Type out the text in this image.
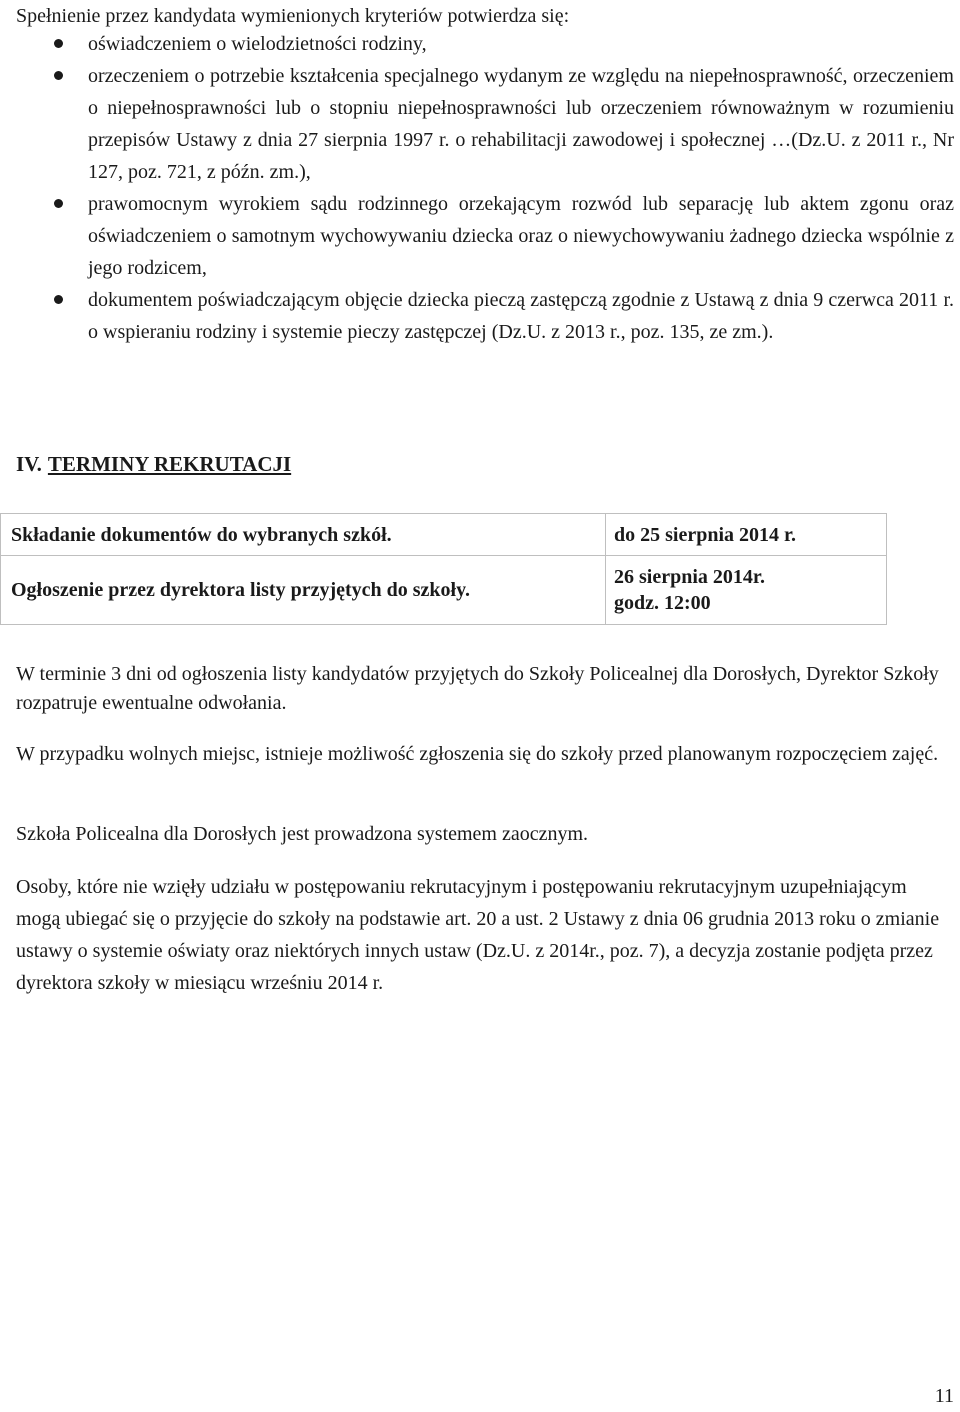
Spełnienie przez kandydata wymienionych kryteriów potwierdza się:

oświadczeniem o wielodzietności rodziny,
orzeczeniem o potrzebie kształcenia specjalnego wydanym ze względu na niepełnosprawność, orzeczeniem o niepełnosprawności lub o stopniu niepełnosprawności lub orzeczeniem równoważnym w rozumieniu przepisów Ustawy z dnia 27 sierpnia 1997 r. o rehabilitacji zawodowej i społecznej …(Dz.U. z 2011 r., Nr 127, poz. 721, z późn. zm.),
prawomocnym wyrokiem sądu rodzinnego orzekającym rozwód lub separację lub aktem zgonu oraz oświadczeniem o samotnym wychowywaniu dziecka oraz o niewychowywaniu żadnego dziecka wspólnie z jego rodzicem,
dokumentem poświadczającym objęcie dziecka pieczą zastępczą zgodnie z Ustawą z dnia 9 czerwca 2011 r. o wspieraniu rodziny i systemie pieczy zastępczej (Dz.U. z 2013 r., poz. 135, ze zm.).
IV. TERMINY REKRUTACJI
Składanie dokumentów do wybranych szkół.	do 25 sierpnia 2014 r.

Ogłoszenie przez dyrektora listy przyjętych do szkoły.	26 sierpnia 2014r.
godz. 12:00

W terminie 3 dni od ogłoszenia listy kandydatów przyjętych do Szkoły Policealnej dla Dorosłych, Dyrektor Szkoły rozpatruje ewentualne odwołania.

W przypadku wolnych miejsc, istnieje możliwość zgłoszenia się do szkoły przed planowanym rozpoczęciem zajęć.

Szkoła Policealna dla Dorosłych jest prowadzona systemem zaocznym.

Osoby, które nie wzięły udziału w postępowaniu rekrutacyjnym i postępowaniu rekrutacyjnym uzupełniającym mogą ubiegać się o przyjęcie do szkoły na podstawie art. 20 a ust. 2 Ustawy z dnia 06 grudnia 2013 roku o zmianie ustawy o systemie oświaty oraz niektórych innych ustaw (Dz.U. z 2014r., poz. 7), a decyzja zostanie podjęta przez dyrektora szkoły w miesiącu wrześniu 2014 r.

11
